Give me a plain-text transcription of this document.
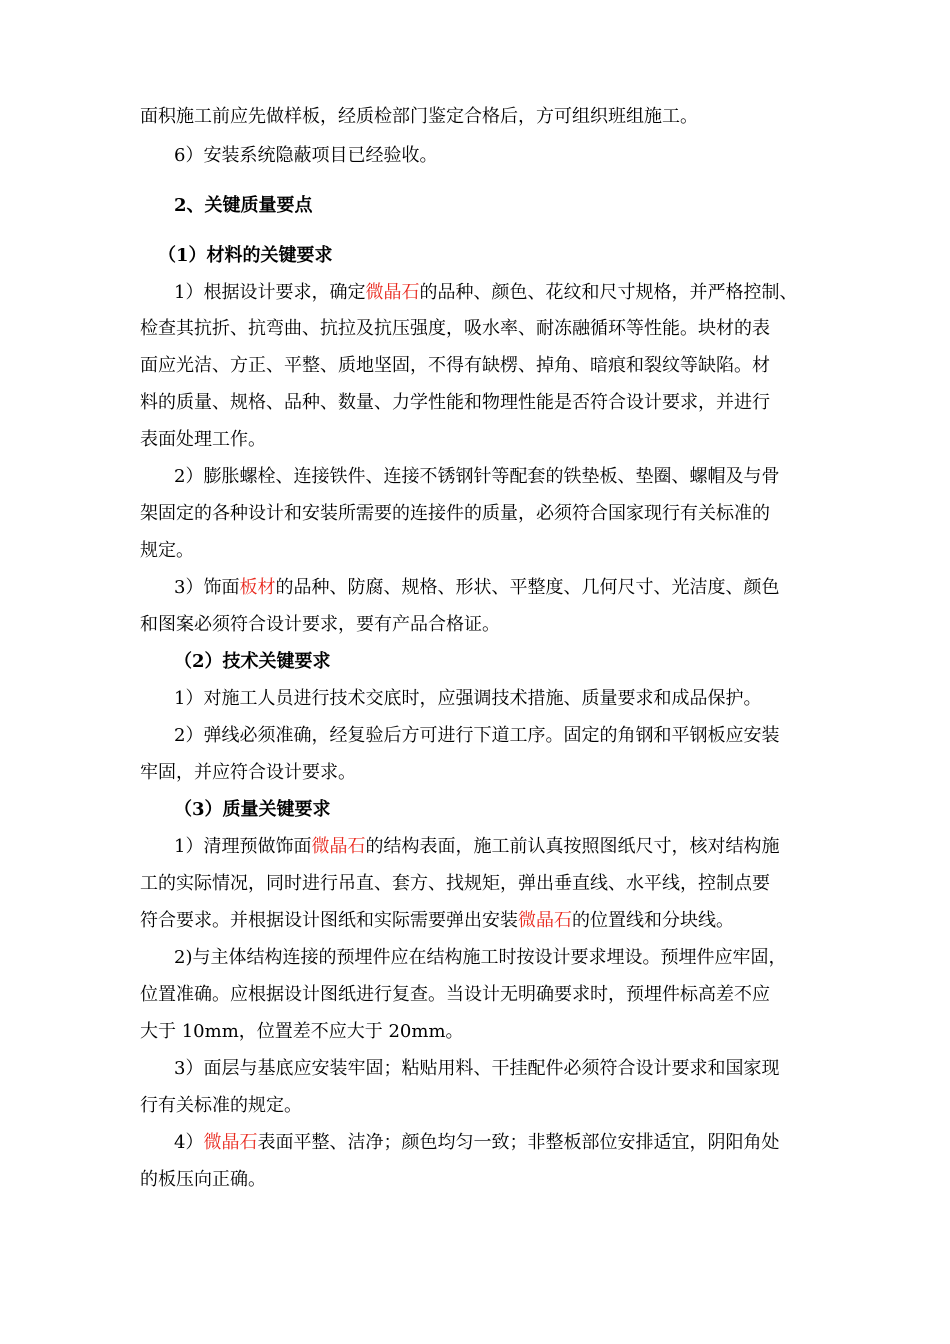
面积施工前应先做样板，经质检部门鉴定合格后，方可组织班组施工。
6）安装系统隐蔽项目已经验收。
2、关键质量要点
（1）材料的关键要求
1）根据设计要求，确定微晶石的品种、颜色、花纹和尺寸规格，并严格控制、
检查其抗折、抗弯曲、抗拉及抗压强度，吸水率、耐冻融循环等性能。块材的表
面应光洁、方正、平整、质地坚固，不得有缺楞、掉角、暗痕和裂纹等缺陷。材
料的质量、规格、品种、数量、力学性能和物理性能是否符合设计要求，并进行
表面处理工作。
2）膨胀螺栓、连接铁件、连接不锈钢针等配套的铁垫板、垫圈、螺帽及与骨
架固定的各种设计和安装所需要的连接件的质量，必须符合国家现行有关标准的
规定。
3）饰面板材的品种、防腐、规格、形状、平整度、几何尺寸、光洁度、颜色
和图案必须符合设计要求，要有产品合格证。
（2）技术关键要求
1）对施工人员进行技术交底时，应强调技术措施、质量要求和成品保护。
2）弹线必须准确，经复验后方可进行下道工序。固定的角钢和平钢板应安装
牢固，并应符合设计要求。
（3）质量关键要求
1）清理预做饰面微晶石的结构表面，施工前认真按照图纸尺寸，核对结构施
工的实际情况，同时进行吊直、套方、找规矩，弹出垂直线、水平线，控制点要
符合要求。并根据设计图纸和实际需要弹出安装微晶石的位置线和分块线。
2)与主体结构连接的预埋件应在结构施工时按设计要求埋设。预埋件应牢固，
位置准确。应根据设计图纸进行复查。当设计无明确要求时，预埋件标高差不应
大于 10mm，位置差不应大于 20mm。
3）面层与基底应安装牢固；粘贴用料、干挂配件必须符合设计要求和国家现
行有关标准的规定。
4）微晶石表面平整、洁净；颜色均匀一致；非整板部位安排适宜，阴阳角处
的板压向正确。
